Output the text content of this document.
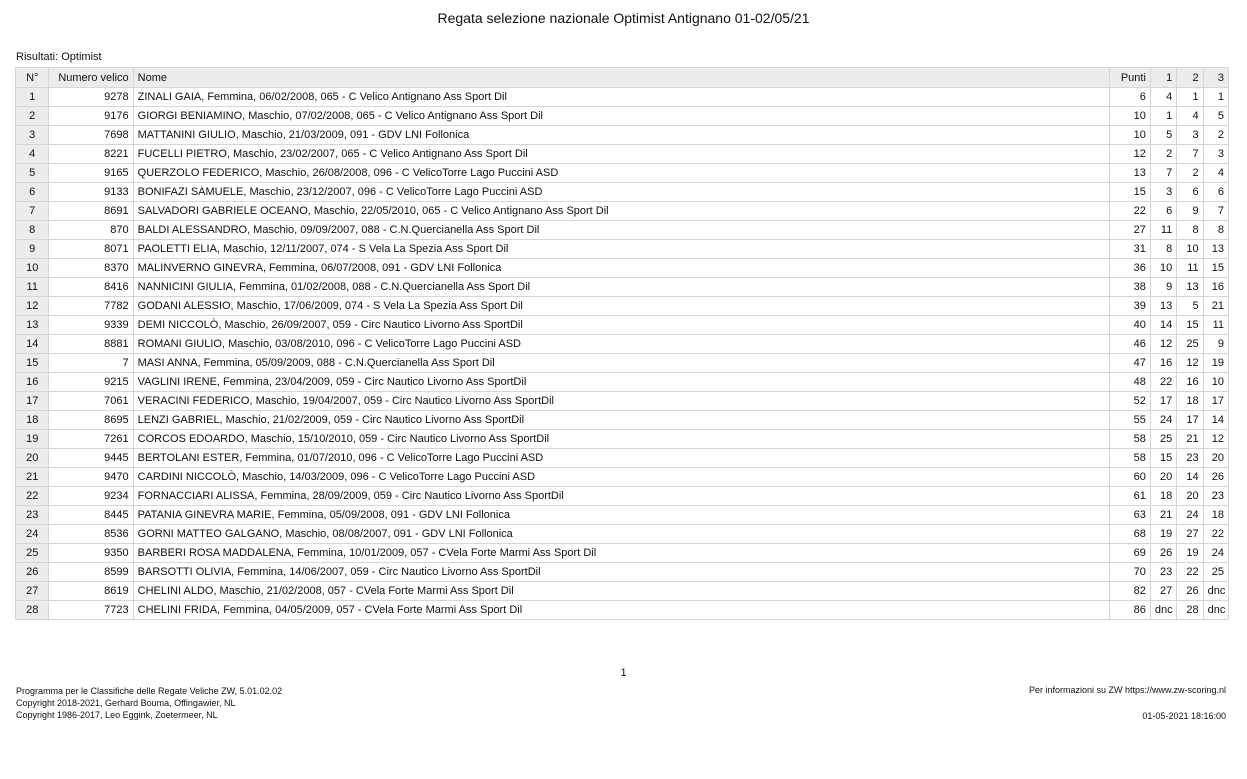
Regata selezione nazionale Optimist Antignano 01-02/05/21
Risultati: Optimist
N°	Numero velico	Nome	Punti	1	2	3
1	9278	ZINALI GAIA, Femmina, 06/02/2008, 065 - C Velico Antignano Ass Sport Dil	6	4	1	1
2	9176	GIORGI BENIAMINO, Maschio, 07/02/2008, 065 - C Velico Antignano Ass Sport Dil	10	1	4	5
3	7698	MATTANINI GIULIO, Maschio, 21/03/2009, 091 - GDV LNI Follonica	10	5	3	2
4	8221	FUCELLI PIETRO, Maschio, 23/02/2007, 065 - C Velico Antignano Ass Sport Dil	12	2	7	3
5	9165	QUERZOLO FEDERICO, Maschio, 26/08/2008, 096 - C VelicoTorre Lago Puccini ASD	13	7	2	4
6	9133	BONIFAZI SAMUELE, Maschio, 23/12/2007, 096 - C VelicoTorre Lago Puccini ASD	15	3	6	6
7	8691	SALVADORI GABRIELE OCEANO, Maschio, 22/05/2010, 065 - C Velico Antignano Ass Sport Dil	22	6	9	7
8	870	BALDI ALESSANDRO, Maschio, 09/09/2007, 088 - C.N.Quercianella Ass Sport Dil	27	11	8	8
9	8071	PAOLETTI ELIA, Maschio, 12/11/2007, 074 - S Vela La Spezia Ass Sport Dil	31	8	10	13
10	8370	MALINVERNO GINEVRA, Femmina, 06/07/2008, 091 - GDV LNI Follonica	36	10	11	15
11	8416	NANNICINI GIULIA, Femmina, 01/02/2008, 088 - C.N.Quercianella Ass Sport Dil	38	9	13	16
12	7782	GODANI ALESSIO, Maschio, 17/06/2009, 074 - S Vela La Spezia Ass Sport Dil	39	13	5	21
13	9339	DEMI NICCOLÒ, Maschio, 26/09/2007, 059 - Circ Nautico Livorno Ass SportDil	40	14	15	11
14	8881	ROMANI GIULIO, Maschio, 03/08/2010, 096 - C VelicoTorre Lago Puccini ASD	46	12	25	9
15	7	MASI ANNA, Femmina, 05/09/2009, 088 - C.N.Quercianella Ass Sport Dil	47	16	12	19
16	9215	VAGLINI IRENE, Femmina, 23/04/2009, 059 - Circ Nautico Livorno Ass SportDil	48	22	16	10
17	7061	VERACINI FEDERICO, Maschio, 19/04/2007, 059 - Circ Nautico Livorno Ass SportDil	52	17	18	17
18	8695	LENZI GABRIEL, Maschio, 21/02/2009, 059 - Circ Nautico Livorno Ass SportDil	55	24	17	14
19	7261	CORCOS EDOARDO, Maschio, 15/10/2010, 059 - Circ Nautico Livorno Ass SportDil	58	25	21	12
20	9445	BERTOLANI ESTER, Femmina, 01/07/2010, 096 - C VelicoTorre Lago Puccini ASD	58	15	23	20
21	9470	CARDINI NICCOLÒ, Maschio, 14/03/2009, 096 - C VelicoTorre Lago Puccini ASD	60	20	14	26
22	9234	FORNACCIARI ALISSA, Femmina, 28/09/2009, 059 - Circ Nautico Livorno Ass SportDil	61	18	20	23
23	8445	PATANIA GINEVRA MARIE, Femmina, 05/09/2008, 091 - GDV LNI Follonica	63	21	24	18
24	8536	GORNI MATTEO GALGANO, Maschio, 08/08/2007, 091 - GDV LNI Follonica	68	19	27	22
25	9350	BARBERI ROSA MADDALENA, Femmina, 10/01/2009, 057 - CVela Forte Marmi Ass Sport Dil	69	26	19	24
26	8599	BARSOTTI OLIVIA, Femmina, 14/06/2007, 059 - Circ Nautico Livorno Ass SportDil	70	23	22	25
27	8619	CHELINI ALDO, Maschio, 21/02/2008, 057 - CVela Forte Marmi Ass Sport Dil	82	27	26	dnc
28	7723	CHELINI FRIDA, Femmina, 04/05/2009, 057 - CVela Forte Marmi Ass Sport Dil	86	dnc	28	dnc
1
Programma per le Classifiche delle Regate Veliche ZW, 5.01.02.02
Copyright 2018-2021, Gerhard Bouma, Offingawier, NL
Copyright 1986-2017, Leo Eggink, Zoetermeer, NL
Per informazioni su ZW https://www.zw-scoring.nl
01-05-2021 18:16:00
